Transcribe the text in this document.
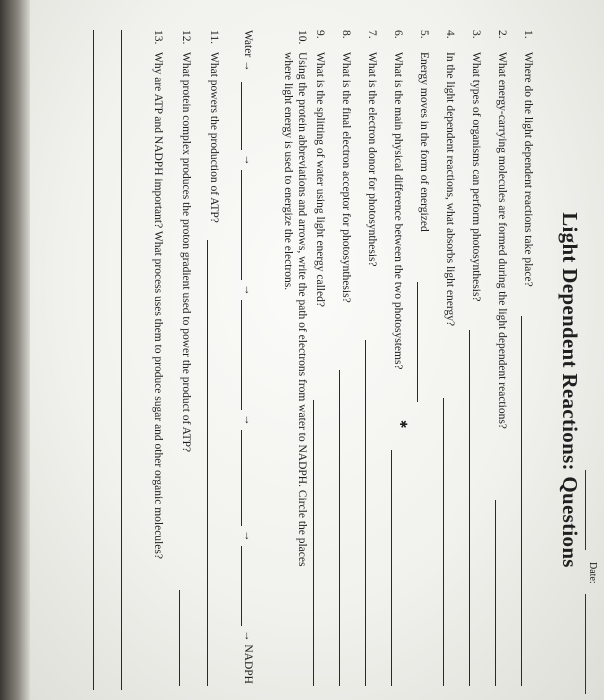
Date:
Light Dependent Reactions: Questions
1.
Where do the light dependent reactions take place?
2.
What energy-carrying molecules are formed during the light dependent reactions?
3.
What types of organisms can perform photosynthesis?
4.
In the light dependent reactions, what absorbs light energy?
5.
Energy moves in the form of energized
6.
What is the main physical difference between the two photosystems?
7.
What is the electron donor for photosynthesis?
8.
What is the final electron acceptor for photosynthesis?
9.
What is the splitting of water using light energy called?
10.
Using the protein abbreviations and arrows, write the path of electrons from water to NADPH. Circle the places
where light energy is used to energize the electrons.
Water →
→
→
→
→
→ NADPH
11.
What powers the production of ATP?
12.
What protein complex produces the proton gradient used to power the product of ATP?
13.
Why are ATP and NADPH important? What process uses them to produce sugar and other organic molecules?	✱
